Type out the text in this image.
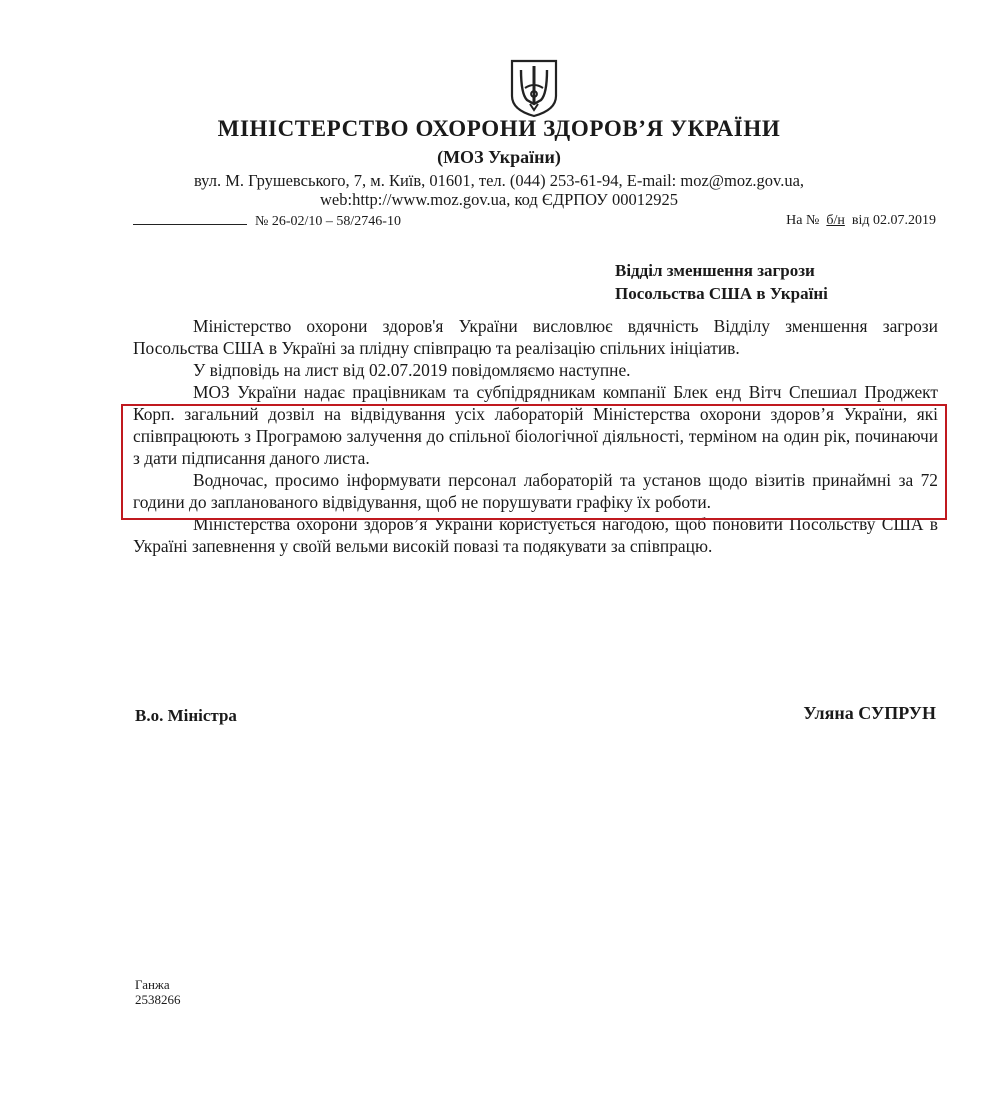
МІНІСТЕРСТВО ОХОРОНИ ЗДОРОВ’Я УКРАЇНИ
(МОЗ України)
вул. М. Грушевського, 7, м. Київ, 01601, тел. (044) 253-61-94, E-mail: moz@moz.gov.ua,
web:http://www.moz.gov.ua, код ЄДРПОУ 00012925
№ 26-02/10 – 58/2746-10	На № б/н від 02.07.2019
Відділ зменшення загрози
Посольства США в Україні

Міністерство охорони здоров'я України висловлює вдячність Відділу зменшення загрози Посольства США в Україні за плідну співпрацю та реалізацію спільних ініціатив.

У відповідь на лист від 02.07.2019 повідомляємо наступне.

МОЗ України надає працівникам та субпідрядникам компанії Блек енд Вітч Спешиал Проджект Корп. загальний дозвіл на відвідування усіх лабораторій Міністерства охорони здоров’я України, які співпрацюють з Програмою залучення до спільної біологічної діяльності, терміном на один рік, починаючи з дати підписання даного листа.

Водночас, просимо інформувати персонал лабораторій та установ щодо візитів принаймні за 72 години до запланованого відвідування, щоб не порушувати графіку їх роботи.

Міністерства охорони здоров’я України користується нагодою, щоб поновити Посольству США в Україні запевнення у своїй вельми високій повазі та подякувати за співпрацю.

В.о. Міністра	Уляна СУПРУН
Ганжа
2538266
